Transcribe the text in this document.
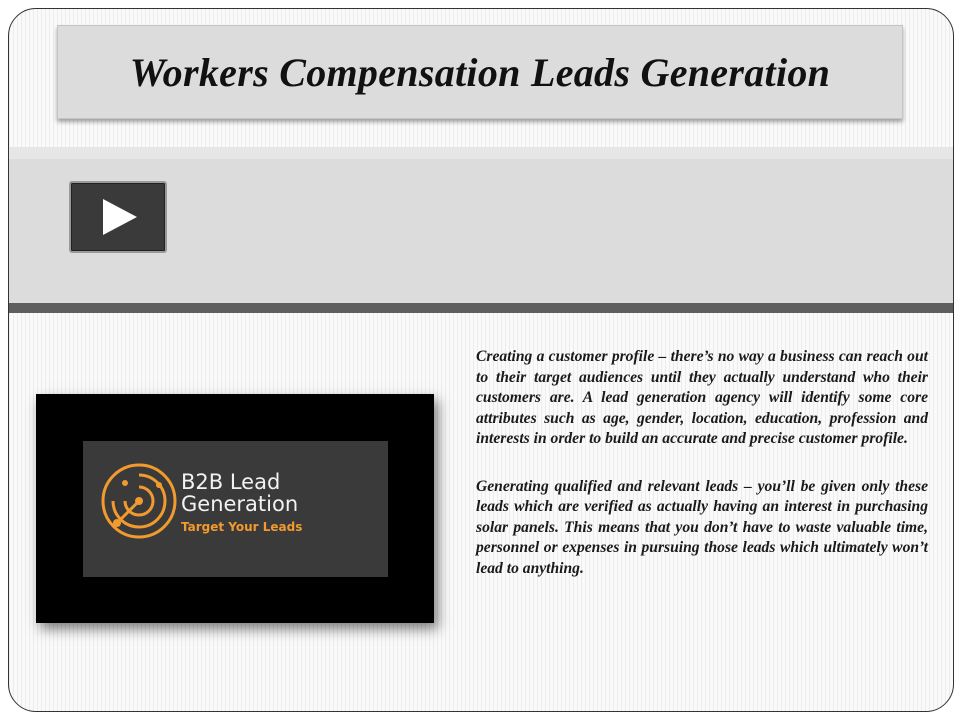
Workers Compensation Leads Generation
B2B Lead
Generation
Target Your Leads

Creating a customer profile – there’s no way a business can reach out to their target audiences until they actually understand who their customers are. A lead generation agency will identify some core attributes such as age, gender, location, education, profession and interests in order to build an accurate and precise customer profile.

Generating qualified and relevant leads – you’ll be given only these leads which are verified as actually having an interest in purchasing solar panels. This means that you don’t have to waste valuable time, personnel or expenses in pursuing those leads which ultimately won’t lead to anything.
